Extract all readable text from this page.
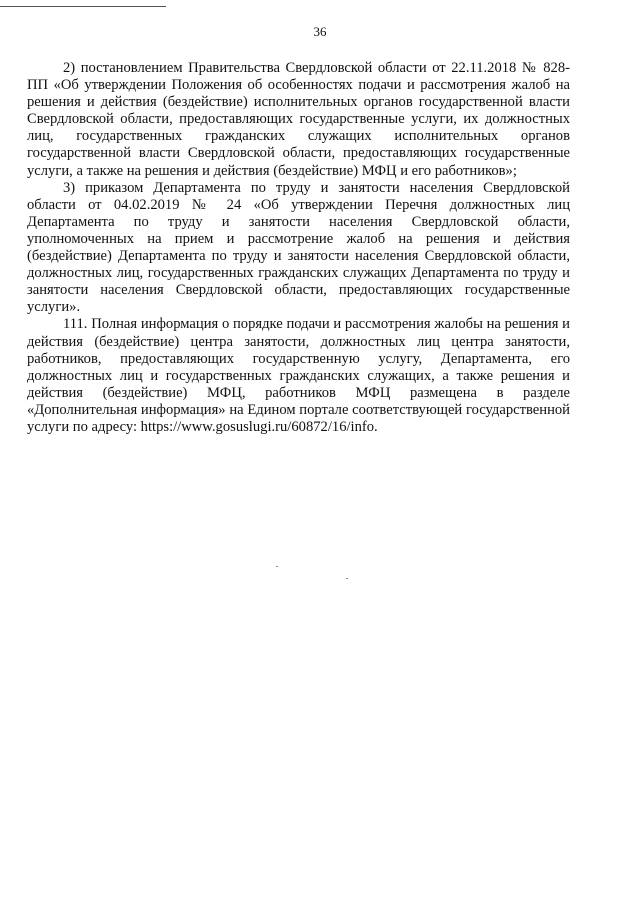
36

2) постановлением Правительства Свердловской области от 22.11.2018 № 828-ПП «Об утверждении Положения об особенностях подачи и рассмотрения жалоб на решения и действия (бездействие) исполнительных органов государственной власти Свердловской области, предоставляющих государственные услуги, их должностных лиц, государственных гражданских служащих исполнительных органов государственной власти Свердловской области, предоставляющих государственные услуги, а также на решения и действия (бездействие) МФЦ и его работников»;

3) приказом Департамента по труду и занятости населения Свердловской области от 04.02.2019 № 24 «Об утверждении Перечня должностных лиц Департамента по труду и занятости населения Свердловской области, уполномоченных на прием и рассмотрение жалоб на решения и действия (бездействие) Департамента по труду и занятости населения Свердловской области, должностных лиц, государственных гражданских служащих Департамента по труду и занятости населения Свердловской области, предоставляющих государственные услуги».

111. Полная информация о порядке подачи и рассмотрения жалобы на решения и действия (бездействие) центра занятости, должностных лиц центра занятости, работников, предоставляющих государственную услугу, Департамента, его должностных лиц и государственных гражданских служащих, а также решения и действия (бездействие) МФЦ, работников МФЦ размещена в разделе «Дополнительная информация» на Едином портале соответствующей государственной услуги по адресу: https://www.gosuslugi.ru/60872/16/info.
